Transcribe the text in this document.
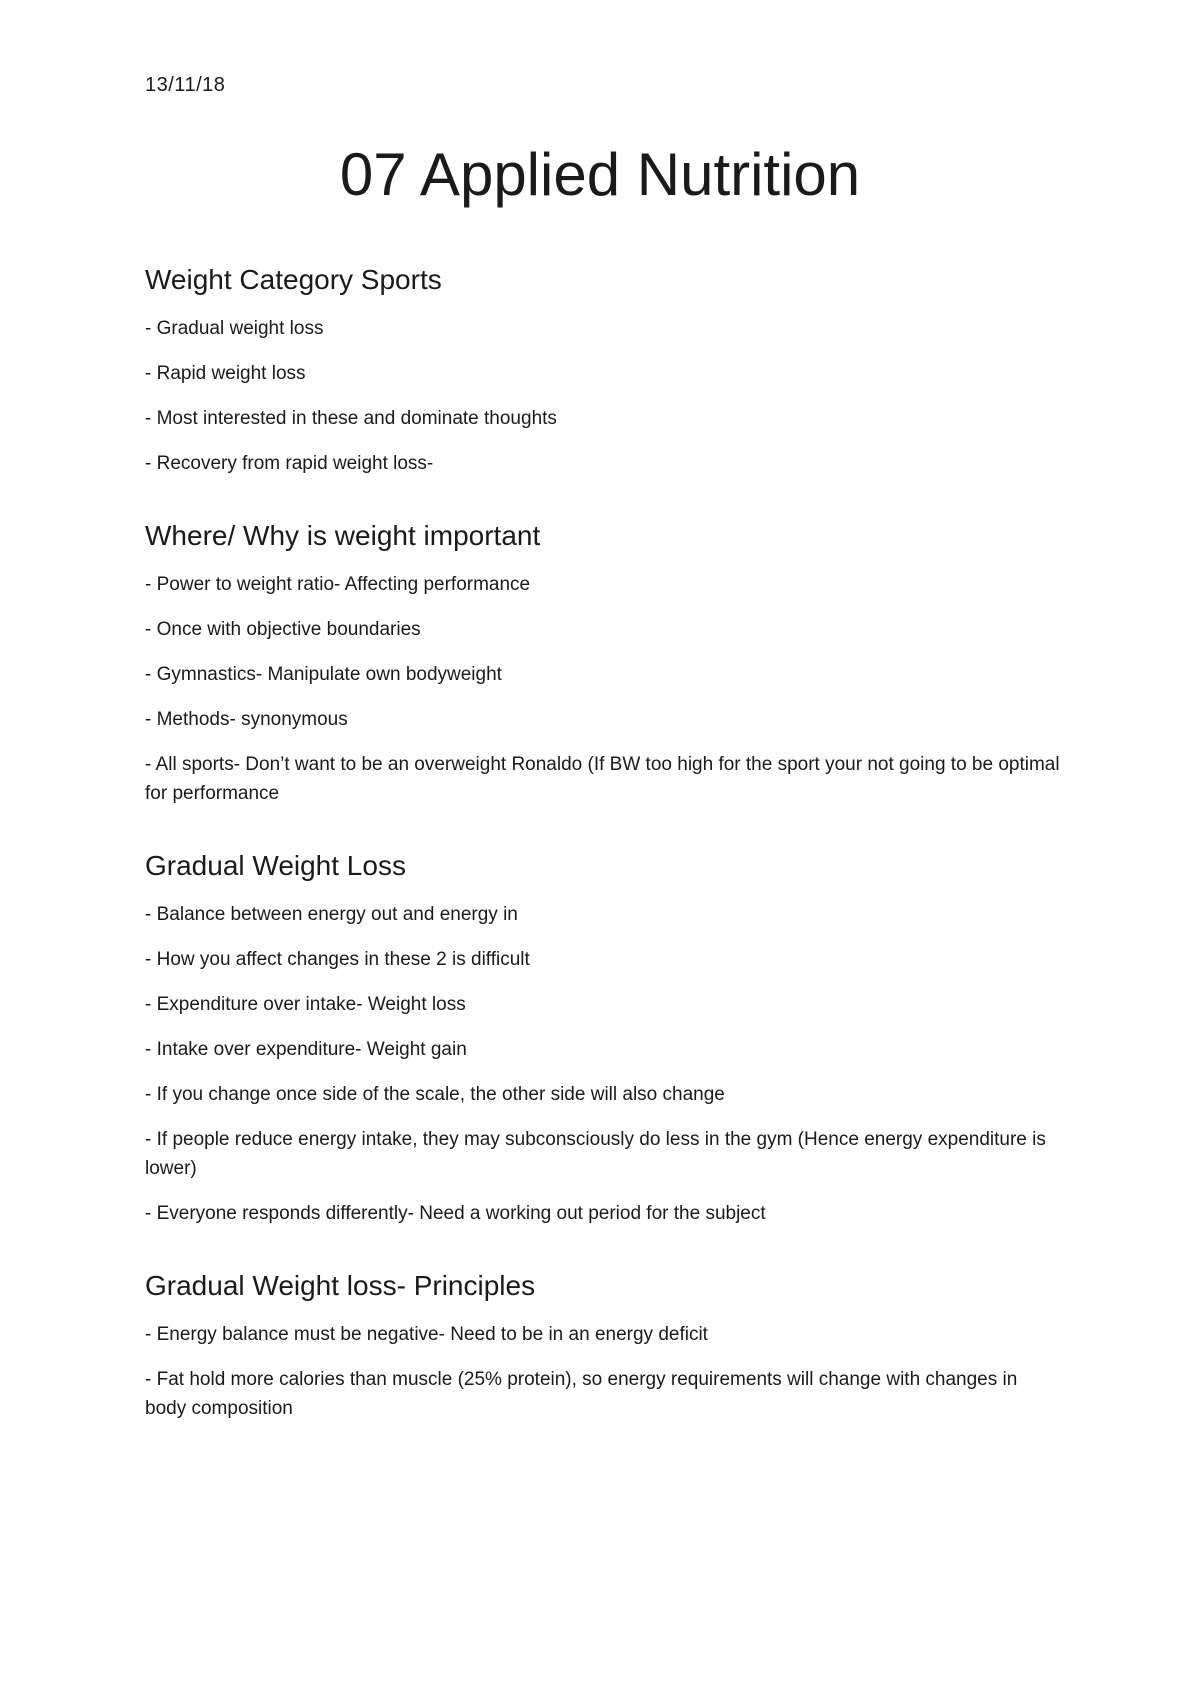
13/11/18
07 Applied Nutrition
Weight Category Sports
- Gradual weight loss
- Rapid weight loss
- Most interested in these and dominate thoughts
- Recovery from rapid weight loss-
Where/ Why is weight important
- Power to weight ratio- Affecting performance
- Once with objective boundaries
- Gymnastics- Manipulate own bodyweight
- Methods- synonymous
- All sports- Don’t want to be an overweight Ronaldo (If BW too high for the sport your not going to be optimal for performance
Gradual Weight Loss
- Balance between energy out and energy in
- How you affect changes in these 2 is difficult
- Expenditure over intake- Weight loss
- Intake over expenditure- Weight gain
- If you change once side of the scale, the other side will also change
- If people reduce energy intake, they may subconsciously do less in the gym (Hence energy expenditure is lower)
- Everyone responds differently- Need a working out period for the subject
Gradual Weight loss- Principles
- Energy balance must be negative- Need to be in an energy deficit
- Fat hold more calories than muscle (25% protein), so energy requirements will change with changes in body composition
